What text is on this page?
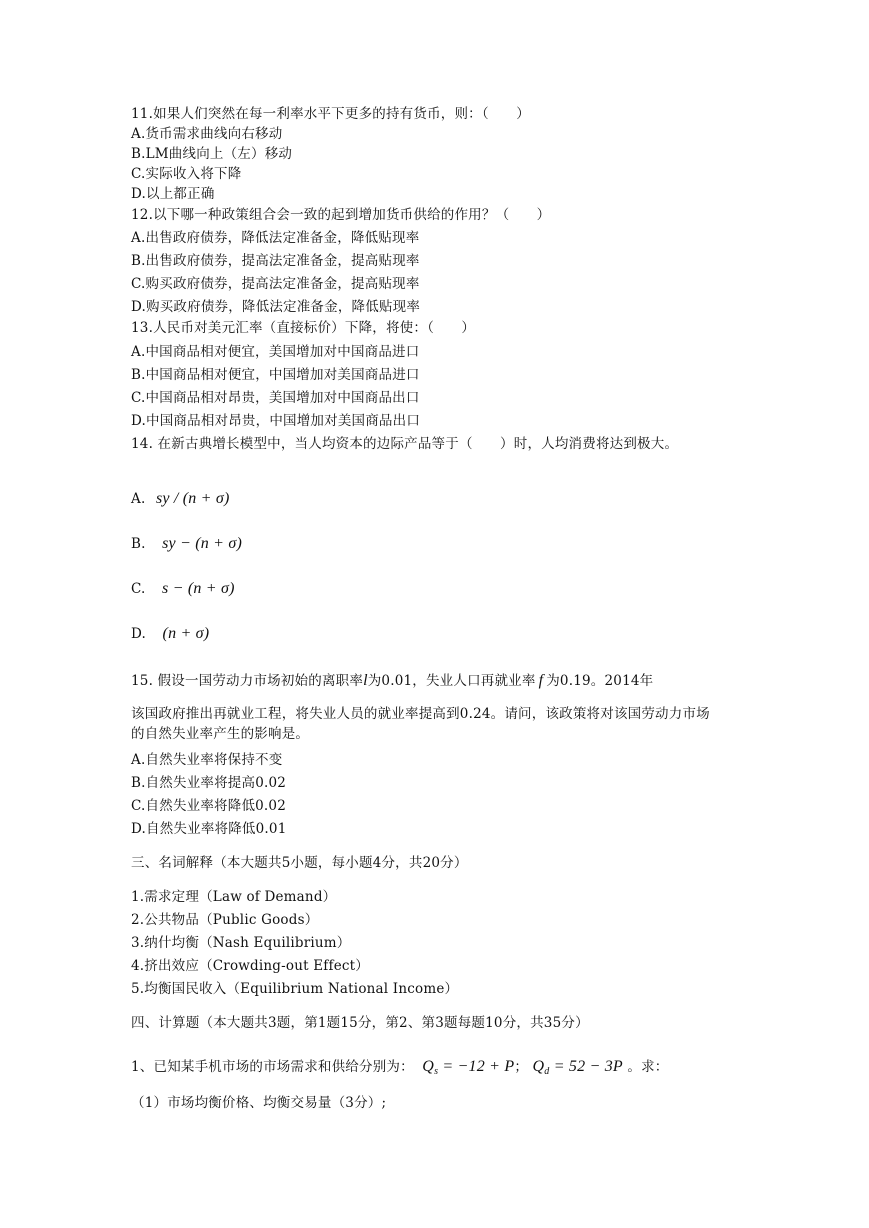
11.如果人们突然在每一利率水平下更多的持有货币，则：（　　）
A.货币需求曲线向右移动
B.LM曲线向上（左）移动
C.实际收入将下降
D.以上都正确
12.以下哪一种政策组合会一致的起到增加货币供给的作用？（　　）
A.出售政府债券，降低法定准备金，降低贴现率
B.出售政府债券，提高法定准备金，提高贴现率
C.购买政府债券，提高法定准备金，提高贴现率
D.购买政府债券，降低法定准备金，降低贴现率
13.人民币对美元汇率（直接标价）下降，将使：（　　）
A.中国商品相对便宜，美国增加对中国商品进口
B.中国商品相对便宜，中国增加对美国商品进口
C.中国商品相对昂贵，美国增加对中国商品出口
D.中国商品相对昂贵，中国增加对美国商品出口
14. 在新古典增长模型中，当人均资本的边际产品等于（　　）时，人均消费将达到极大。
A. sy / (n + σ)
B. sy − (n + σ)
C. s − (n + σ)
D. (n + σ)
15. 假设一国劳动力市场初始的离职率l为0.01，失业人口再就业率 f 为0.19。2014年
该国政府推出再就业工程，将失业人员的就业率提高到0.24。请问，该政策将对该国劳动力市场的自然失业率产生的影响是。
A.自然失业率将保持不变
B.自然失业率将提高0.02
C.自然失业率将降低0.02
D.自然失业率将降低0.01
三、名词解释（本大题共5小题，每小题4分，共20分）
1.需求定理（Law of Demand）
2.公共物品（Public Goods）
3.纳什均衡（Nash Equilibrium）
4.挤出效应（Crowding-out Effect）
5.均衡国民收入（Equilibrium National Income）
四、计算题（本大题共3题，第1题15分，第2、第3题每题10分，共35分）
1、已知某手机市场的市场需求和供给分别为： $Q_s = -12 + P$； $Q_d = 52 - 3P$ 。求：
（1）市场均衡价格、均衡交易量（3分）;
